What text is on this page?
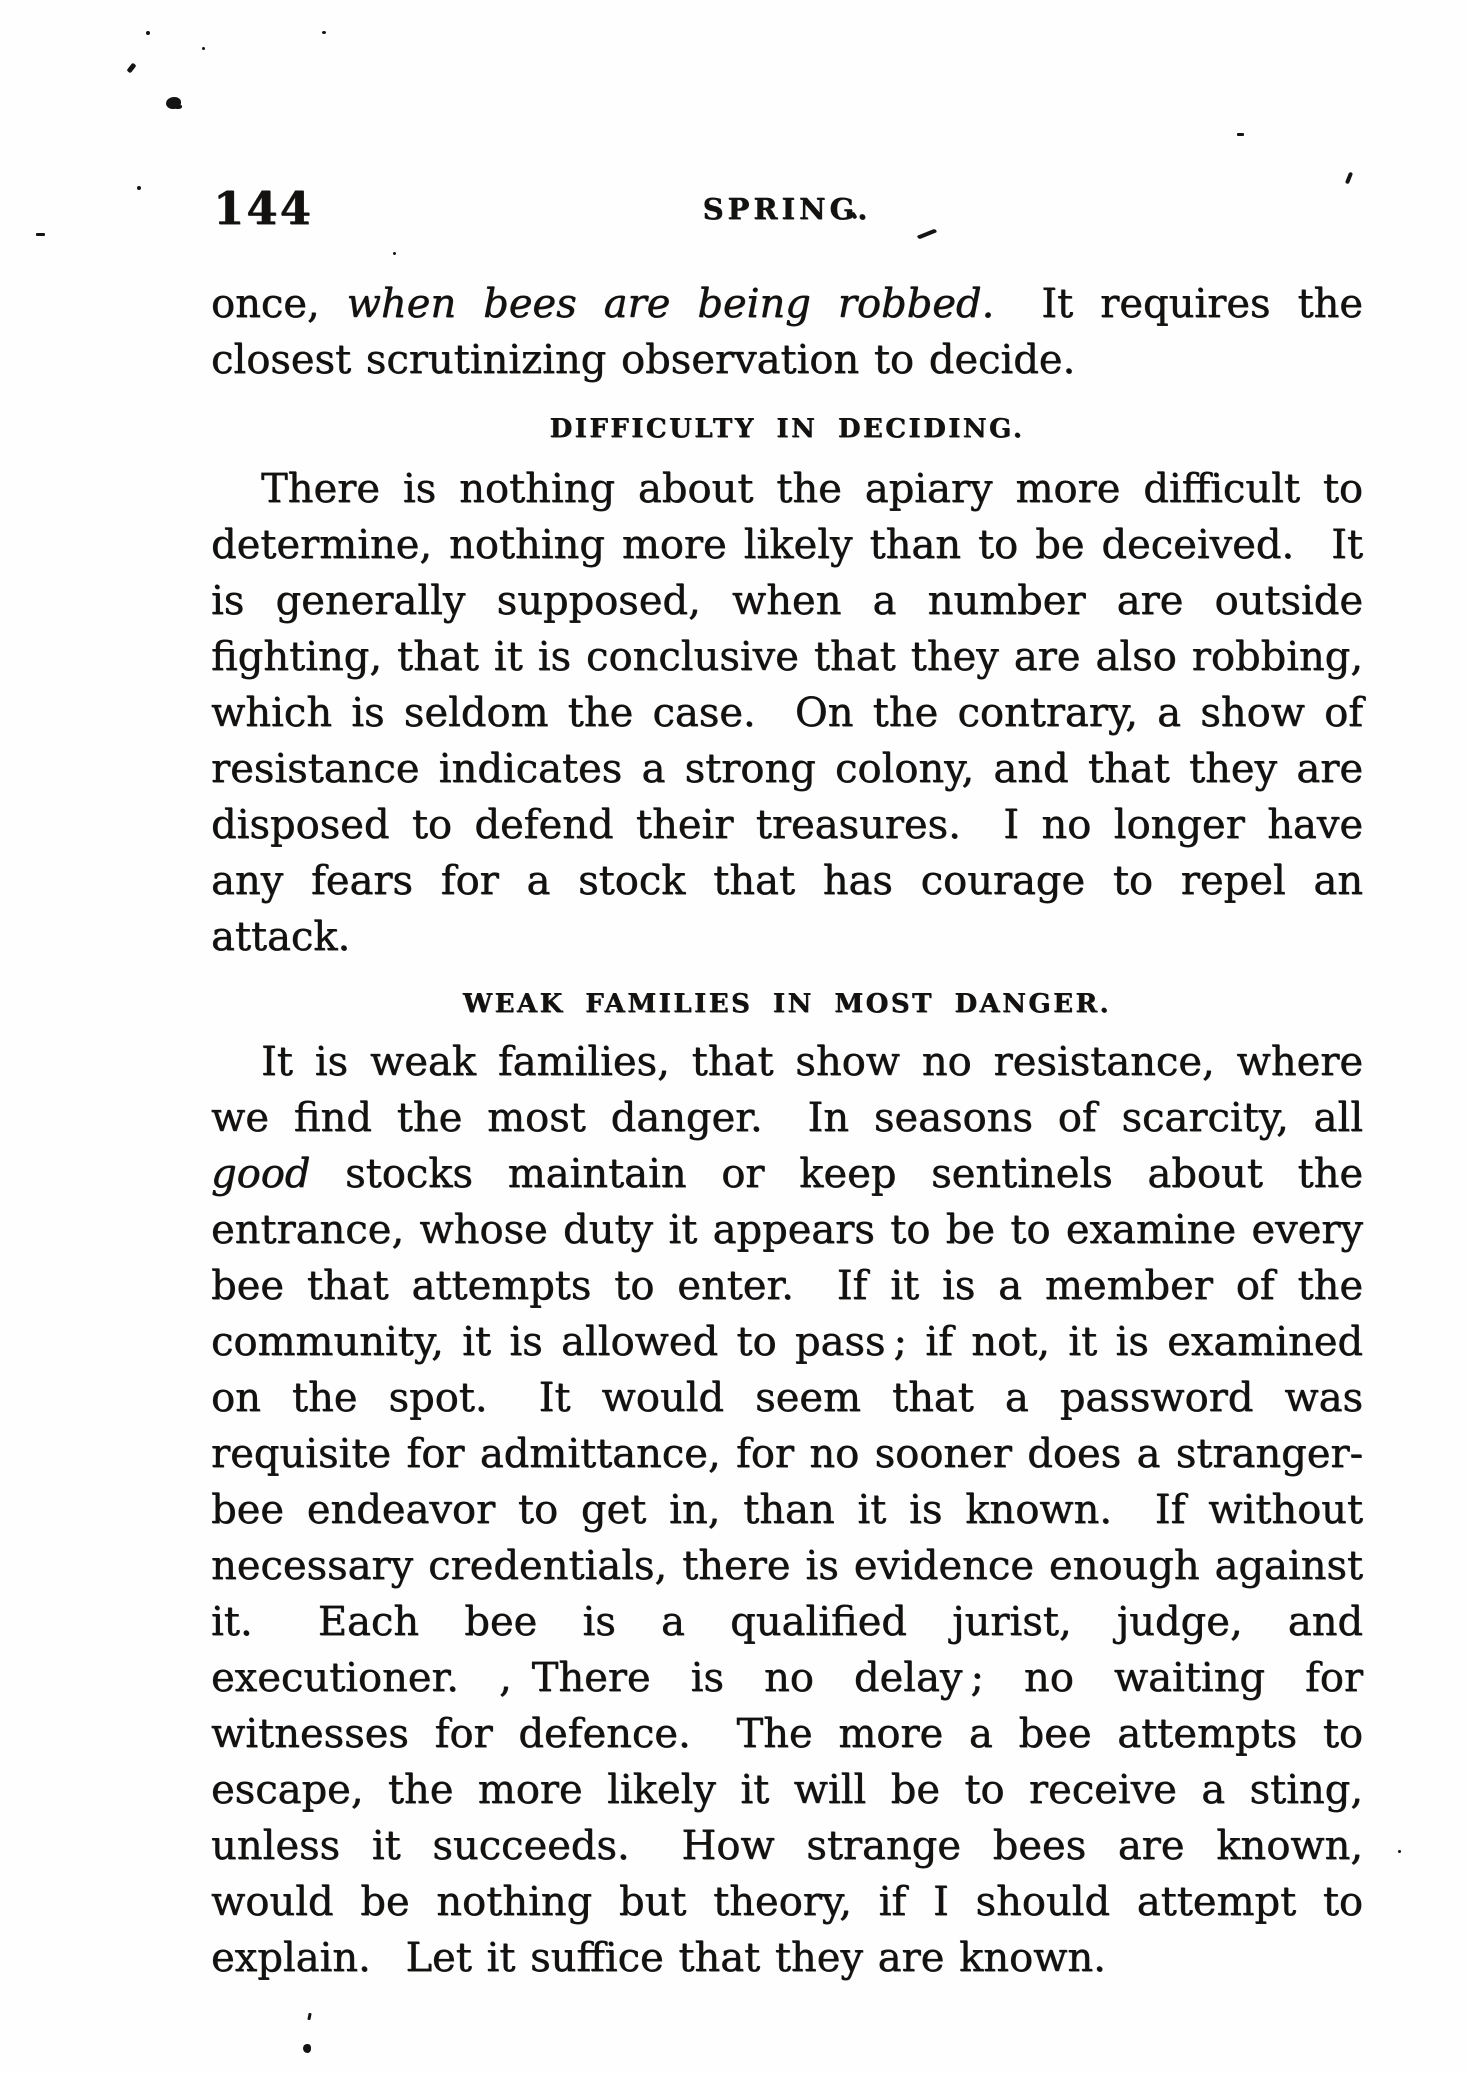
144	SPRING.

once, when bees are being robbed.  It requires the closest scrutinizing observation to decide.

DIFFICULTY IN DECIDING.

There is nothing about the apiary more difficult to determine, nothing more likely than to be deceived.  It is generally supposed, when a number are outside fighting, that it is conclusive that they are also robbing, which is seldom the case.  On the contrary, a show of resistance indicates a strong colony, and that they are disposed to defend their treasures.  I no longer have any fears for a stock that has courage to repel an attack.

WEAK FAMILIES IN MOST DANGER.

It is weak families, that show no resistance, where we find the most danger.  In seasons of scarcity, all good stocks maintain or keep sentinels about the entrance, whose duty it appears to be to examine every bee that attempts to enter.  If it is a member of the community, it is allowed to pass ; if not, it is examined on the spot.  It would seem that a password was requisite for admittance, for no sooner does a stranger-bee endeavor to get in, than it is known.  If without necessary credentials, there is evidence enough against it.  Each bee is a qualified jurist, judge, and executioner. , There is no delay ; no waiting for witnesses for defence.  The more a bee attempts to escape, the more likely it will be to receive a sting, unless it succeeds.  How strange bees are known, would be nothing but theory, if I should attempt to explain.  Let it suffice that they are known.
